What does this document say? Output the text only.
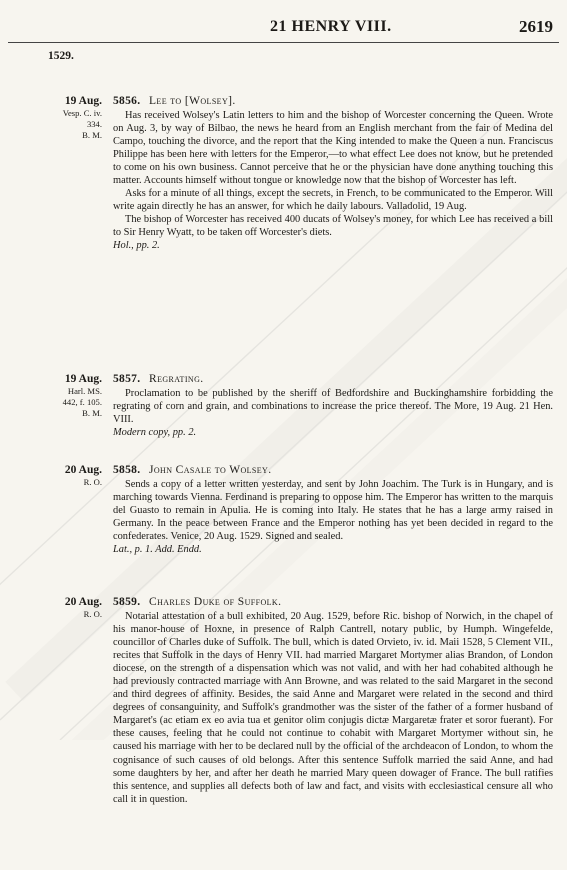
21 HENRY VIII.	2619
1529.
19 Aug.
Vesp. C. iv.
334.
B. M.
5856. Lee to [Wolsey].

Has received Wolsey's Latin letters to him and the bishop of Worcester concerning the Queen. Wrote on Aug. 3, by way of Bilbao, the news he heard from an English merchant from the fair of Medina del Campo, touching the divorce, and the report that the King intended to make the Queen a nun. Franciscus Philippe has been here with letters for the Emperor,—to what effect Lee does not know, but he pretended to come on his own business. Cannot perceive that he or the physician have done anything touching this matter. Accounts himself without tongue or knowledge now that the bishop of Worcester has left.

Asks for a minute of all things, except the secrets, in French, to be communicated to the Emperor. Will write again directly he has an answer, for which he daily labours. Valladolid, 19 Aug.

The bishop of Worcester has received 400 ducats of Wolsey's money, for which Lee has received a bill to Sir Henry Wyatt, to be taken off Worcester's diets.

Hol., pp. 2.

19 Aug.
Harl. MS.
442, f. 105.
B. M.
5857. Regrating.

Proclamation to be published by the sheriff of Bedfordshire and Buckinghamshire forbidding the regrating of corn and grain, and combinations to increase the price thereof. The More, 19 Aug. 21 Hen. VIII.

Modern copy, pp. 2.

20 Aug.
R. O.
5858. John Casale to Wolsey.

Sends a copy of a letter written yesterday, and sent by John Joachim. The Turk is in Hungary, and is marching towards Vienna. Ferdinand is preparing to oppose him. The Emperor has written to the marquis del Guasto to remain in Apulia. He is coming into Italy. He states that he has a large army raised in Germany. In the peace between France and the Emperor nothing has yet been decided in regard to the confederates. Venice, 20 Aug. 1529. Signed and sealed.

Lat., p. 1. Add. Endd.

20 Aug.
R. O.
5859. Charles Duke of Suffolk.

Notarial attestation of a bull exhibited, 20 Aug. 1529, before Ric. bishop of Norwich, in the chapel of his manor-house of Hoxne, in presence of Ralph Cantrell, notary public, by Humph. Wingefelde, councillor of Charles duke of Suffolk. The bull, which is dated Orvieto, iv. id. Maii 1528, 5 Clement VII., recites that Suffolk in the days of Henry VII. had married Margaret Mortymer alias Brandon, of London diocese, on the strength of a dispensation which was not valid, and with her had cohabited although he had previously contracted marriage with Ann Browne, and was related to the said Margaret in the second and third degrees of affinity. Besides, the said Anne and Margaret were related in the second and third degrees of consanguinity, and Suffolk's grandmother was the sister of the father of a former husband of Margaret's (ac etiam ex eo avia tua et genitor olim conjugis dictæ Margaretæ frater et soror fuerant). For these causes, feeling that he could not continue to cohabit with Margaret Mortymer without sin, he caused his marriage with her to be declared null by the official of the archdeacon of London, to whom the cognisance of such causes of old belongs. After this sentence Suffolk married the said Anne, and had some daughters by her, and after her death he married Mary queen dowager of France. The bull ratifies this sentence, and supplies all defects both of law and fact, and visits with ecclesiastical censure all who call it in question.
